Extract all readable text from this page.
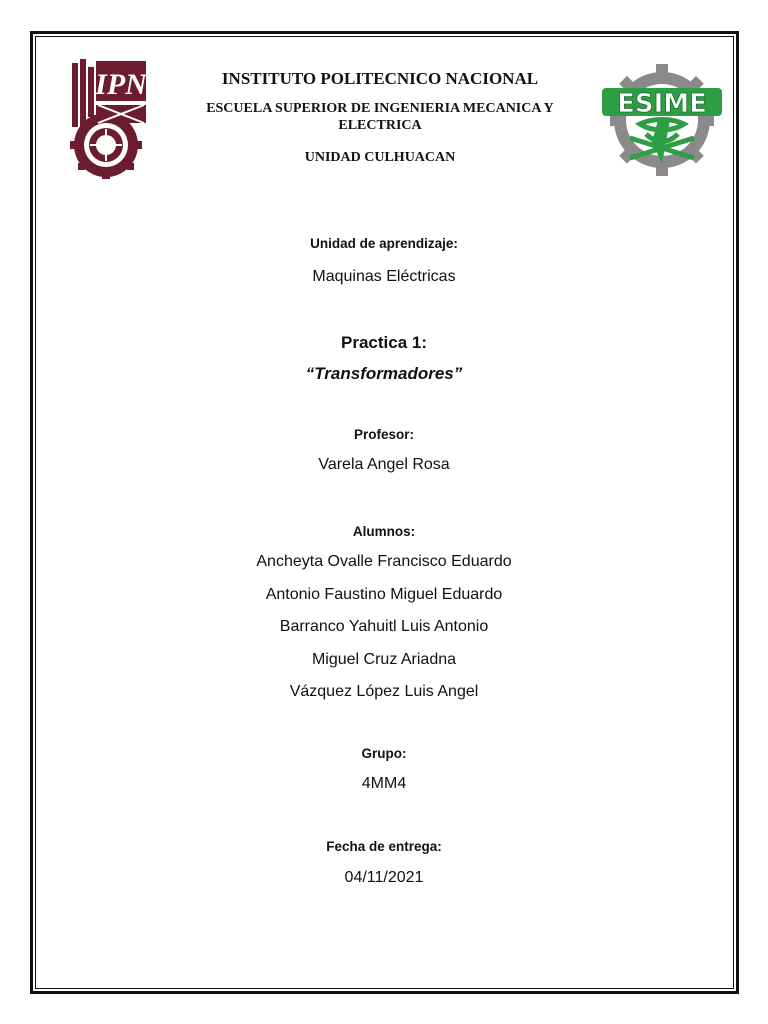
IPN
ESIME
INSTITUTO POLITECNICO NACIONAL
ESCUELA SUPERIOR DE INGENIERIA MECANICA Y ELECTRICA
UNIDAD CULHUACAN
Unidad de aprendizaje:
Maquinas Eléctricas
Practica 1:
“Transformadores”
Profesor:
Varela Angel Rosa
Alumnos:
Ancheyta Ovalle Francisco Eduardo
Antonio Faustino Miguel Eduardo
Barranco Yahuitl Luis Antonio
Miguel Cruz Ariadna
Vázquez López Luis Angel
Grupo:
4MM4
Fecha de entrega:
04/11/2021
